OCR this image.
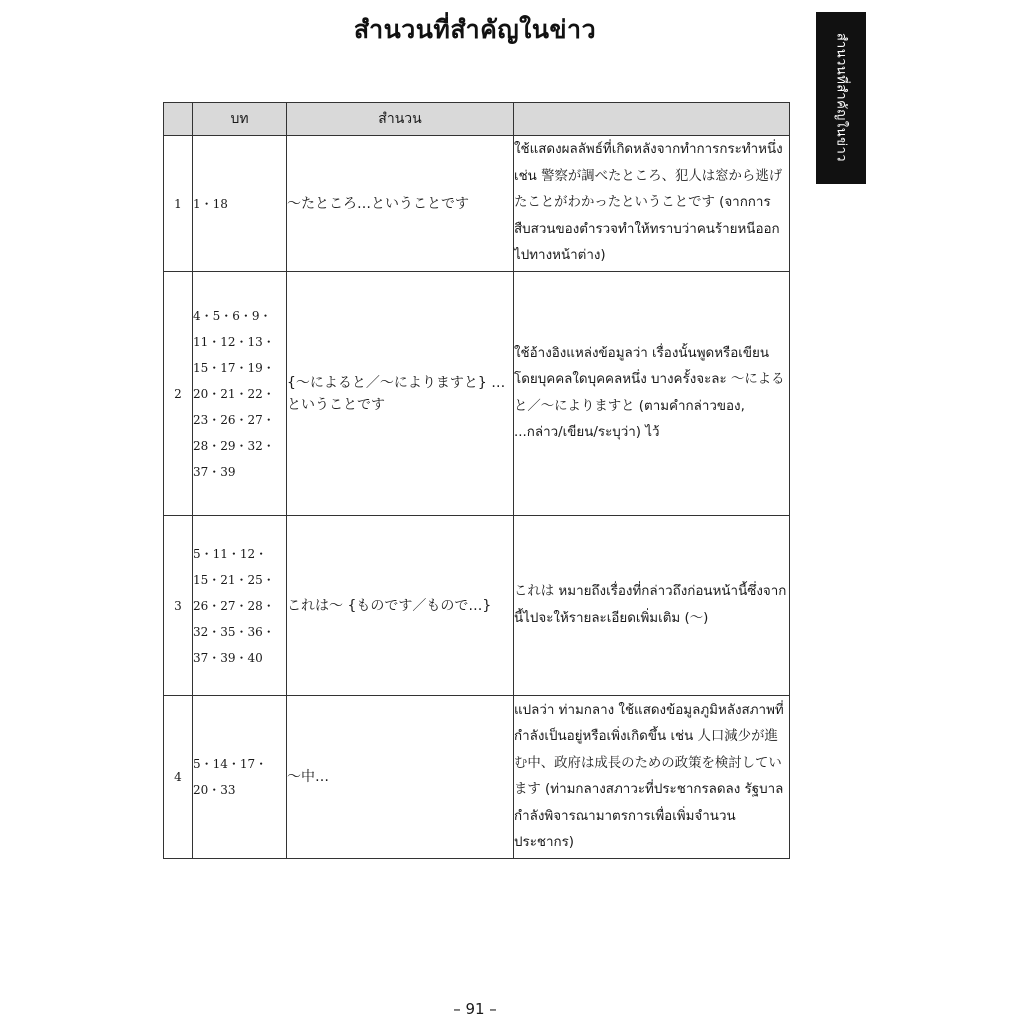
สำนวนที่สำคัญในข่าว
สำนวนที่สำคัญในข่าว
	บท	สำนวน	
1	1・18	〜たところ…ということです	ใช้แสดงผลลัพธ์ที่เกิดหลังจากทำการกระทำหนึ่ง เช่น 警察が調べたところ、犯人は窓から逃げたことがわかったということです (จากการสืบสวนของตำรวจทำให้ทราบว่าคนร้ายหนีออกไปทางหน้าต่าง)
2	4・5・6・9・11・12・13・15・17・19・20・21・22・23・26・27・28・29・32・37・39	{〜によると／〜によりますと} …ということです	ใช้อ้างอิงแหล่งข้อมูลว่า เรื่องนั้นพูดหรือเขียนโดยบุคคลใดบุคคลหนึ่ง บางครั้งจะละ 〜によると／〜によりますと (ตามคำกล่าวของ, ...กล่าว/เขียน/ระบุว่า) ไว้
3	5・11・12・15・21・25・26・27・28・32・35・36・37・39・40	これは〜 {ものです／もので…}	これは หมายถึงเรื่องที่กล่าวถึงก่อนหน้านี้ซึ่งจากนี้ไปจะให้รายละเอียดเพิ่มเติม (〜)
4	5・14・17・20・33	〜中…	แปลว่า ท่ามกลาง ใช้แสดงข้อมูลภูมิหลังสภาพที่กำลังเป็นอยู่หรือเพิ่งเกิดขึ้น เช่น 人口減少が進む中、政府は成長のための政策を検討しています (ท่ามกลางสภาวะที่ประชากรลดลง รัฐบาลกำลังพิจารณามาตรการเพื่อเพิ่มจำนวนประชากร)
– 91 –
